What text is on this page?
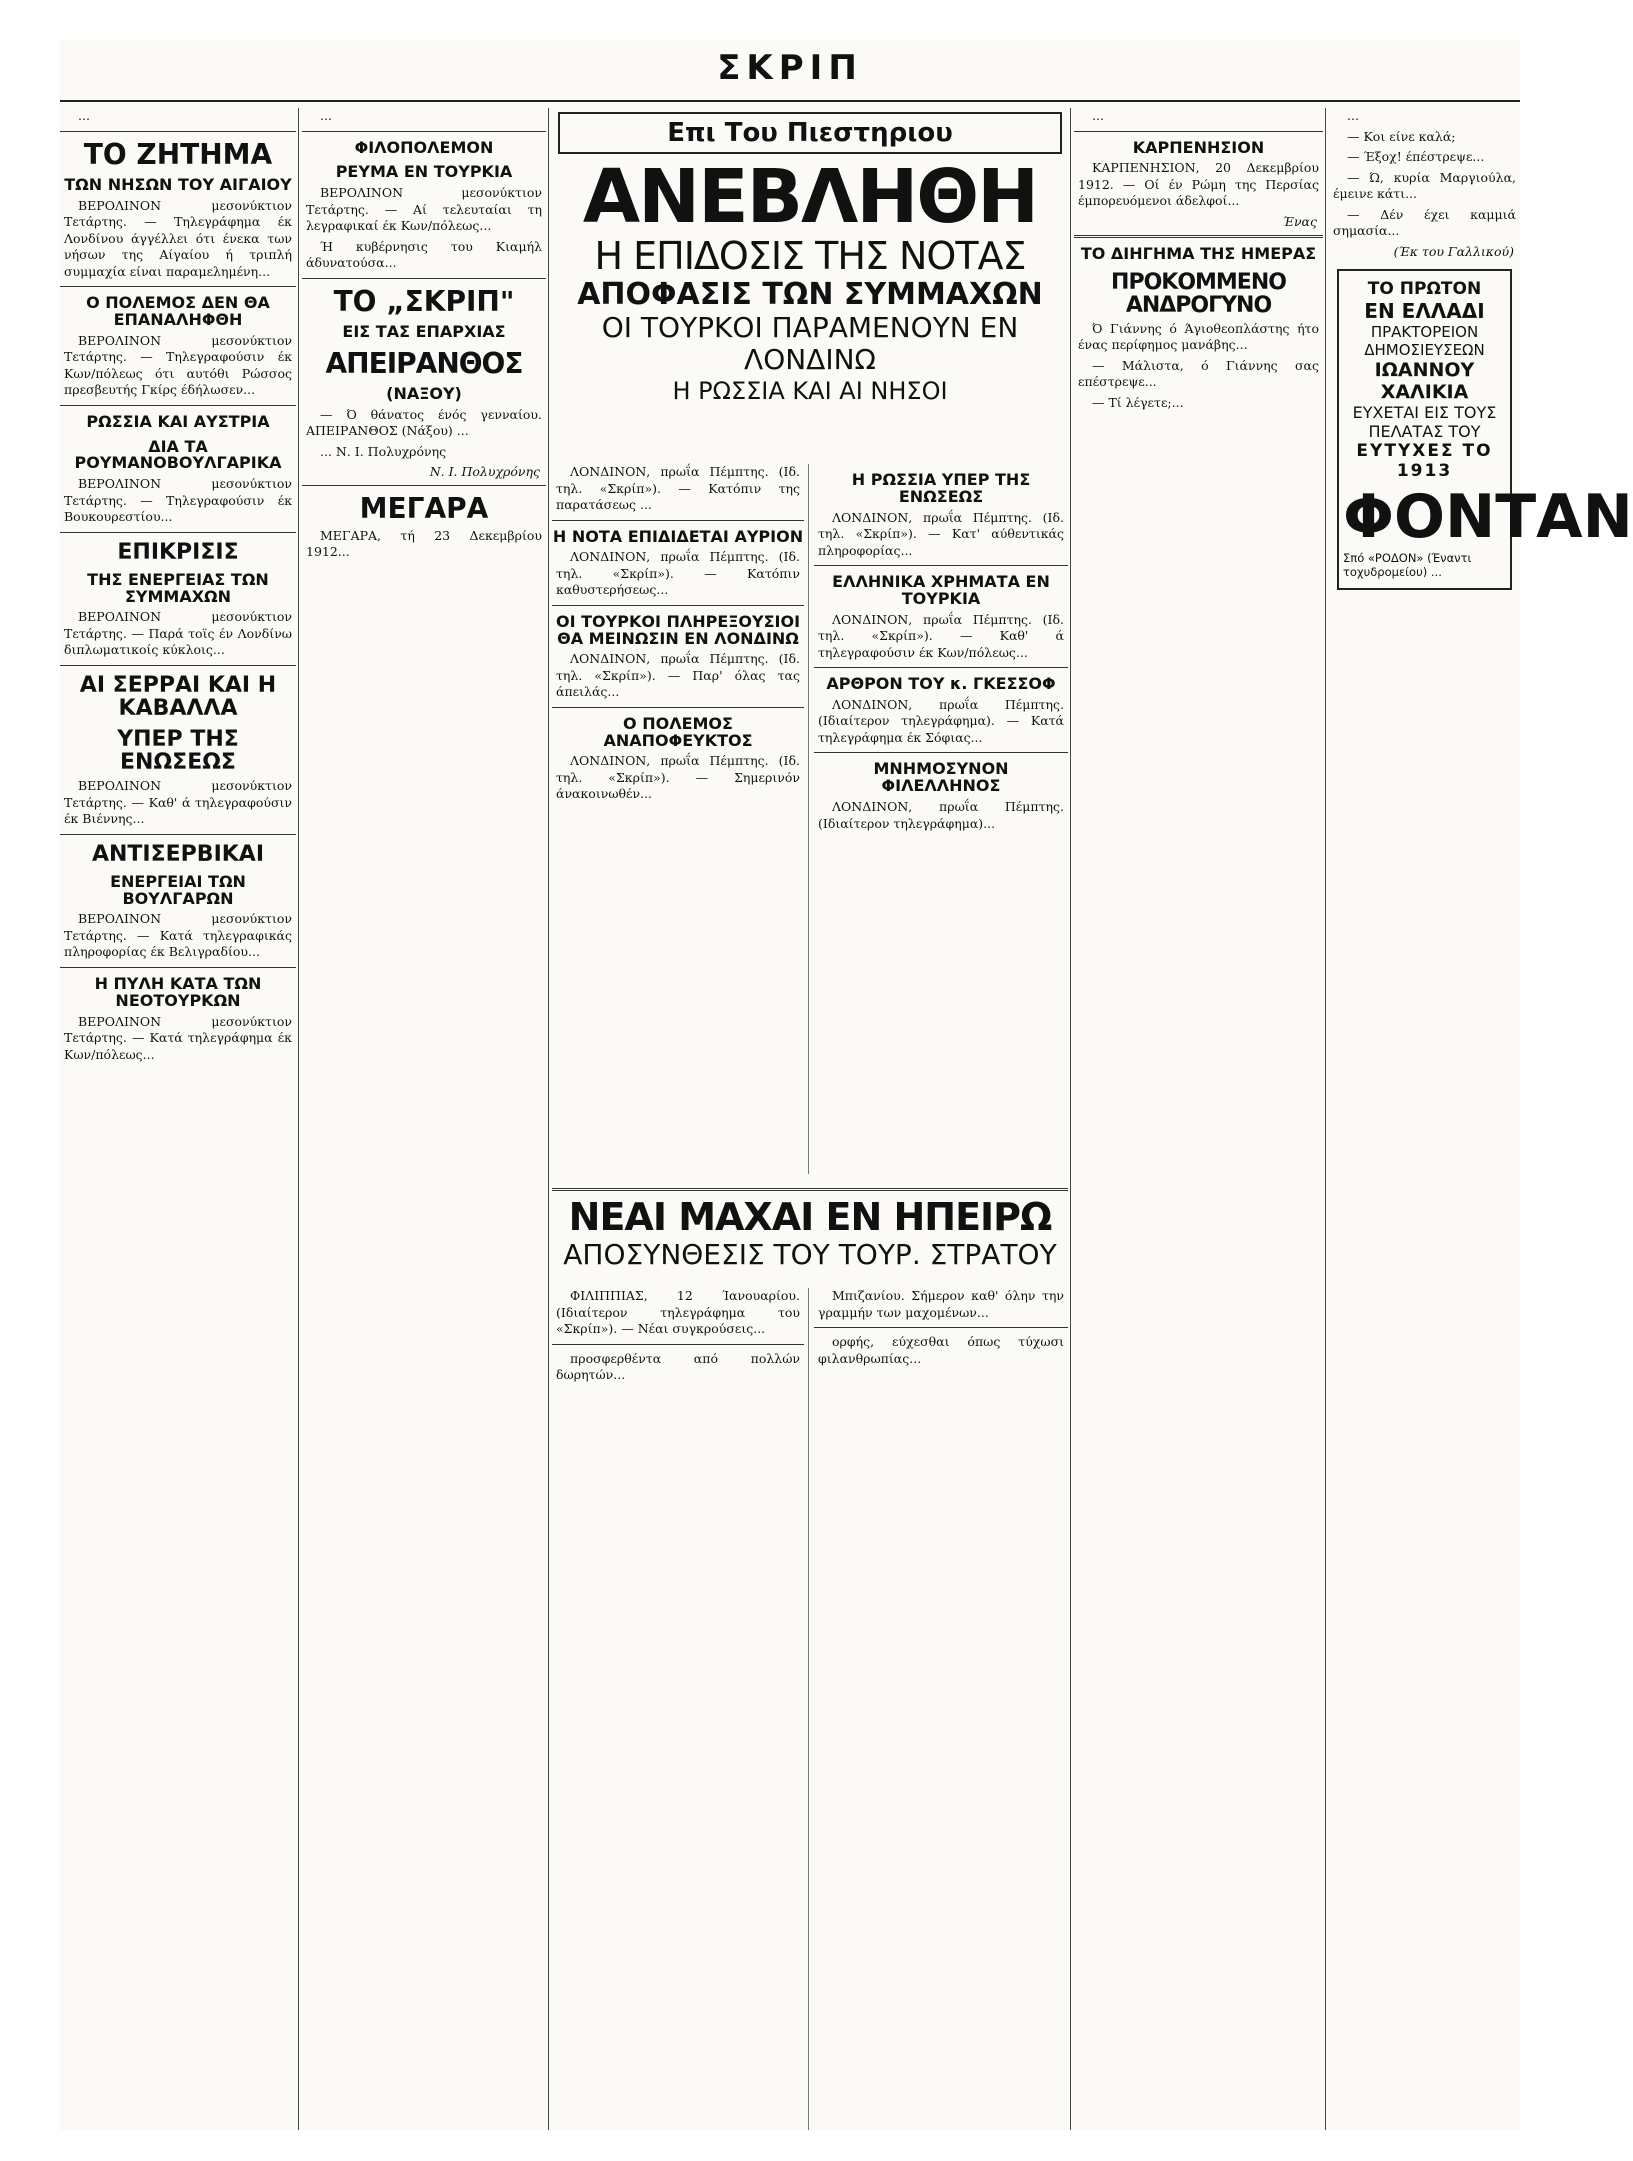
ΣΚΡΙΠ

...

ΤΟ ΖΗΤΗΜΑ
ΤΩΝ ΝΗΣΩΝ ΤΟΥ ΑΙΓΑΙΟΥ

ΒΕΡΟΛΙΝΟΝ μεσονύκτιον Τετάρτης. — Τηλεγράφημα έκ Λονδίνου άγγέλλει ότι ένεκα των νήσων της Αίγαίου ή τριπλή συμμαχία είναι παραμελημένη...

Ο ΠΟΛΕΜΟΣ ΔΕΝ ΘΑ ΕΠΑΝΑΛΗΦΘΗ

ΒΕΡΟΛΙΝΟΝ μεσονύκτιον Τετάρτης. — Τηλεγραφούσιν έκ Κων/πόλεως ότι αυτόθι Ρώσσος πρεσβευτής Γκίρς έδήλωσεν...

ΡΩΣΣΙΑ ΚΑΙ ΑΥΣΤΡΙΑ
ΔΙΑ ΤΑ ΡΟΥΜΑΝΟΒΟΥΛΓΑΡΙΚΑ

ΒΕΡΟΛΙΝΟΝ μεσονύκτιον Τετάρτης. — Τηλεγραφούσιν έκ Βουκουρεστίου...

ΕΠΙΚΡΙΣΙΣ
ΤΗΣ ΕΝΕΡΓΕΙΑΣ ΤΩΝ ΣΥΜΜΑΧΩΝ

ΒΕΡΟΛΙΝΟΝ μεσονύκτιον Τετάρτης. — Παρά τοϊς έν Λονδίνω διπλωματικοίς κύκλοις...

ΑΙ ΣΕΡΡΑΙ ΚΑΙ Η ΚΑΒΑΛΛΑ
ΥΠΕΡ ΤΗΣ ΕΝΩΣΕΩΣ

ΒΕΡΟΛΙΝΟΝ μεσονύκτιον Τετάρτης. — Καθ' ά τηλεγραφούσιν έκ Βιέννης...

ΑΝΤΙΣΕΡΒΙΚΑΙ
ΕΝΕΡΓΕΙΑΙ ΤΩΝ ΒΟΥΛΓΑΡΩΝ

ΒΕΡΟΛΙΝΟΝ μεσονύκτιον Τετάρτης. — Κατά τηλεγραφικάς πληροφορίας έκ Βελιγραδίου...

Η ΠΥΛΗ ΚΑΤΑ ΤΩΝ ΝΕΟΤΟΥΡΚΩΝ

ΒΕΡΟΛΙΝΟΝ μεσονύκτιον Τετάρτης. — Κατά τηλεγράφημα έκ Κων/πόλεως...

...

ΦΙΛΟΠΟΛΕΜΟΝ
ΡΕΥΜΑ ΕΝ ΤΟΥΡΚΙΑ

ΒΕΡΟΛΙΝΟΝ μεσονύκτιον Τετάρτης. — Αί τελευταίαι τη λεγραφικαί έκ Κων/πόλεως...

Ή κυβέρνησις του Κιαμήλ άδυνατούσα...

ΤΟ „ΣΚΡΙΠ"
ΕΙΣ ΤΑΣ ΕΠΑΡΧΙΑΣ
ΑΠΕΙΡΑΝΘΟΣ
(ΝΑΞΟΥ)

— Ό θάνατος ένός γενναίου. ΑΠΕΙΡΑΝΘΟΣ (Νάξου) ...

... Ν. Ι. Πολυχρόνης

Ν. Ι. Πολυχρόνης
ΜΕΓΑΡΑ

ΜΕΓΑΡΑ, τή 23 Δεκεμβρίου 1912...

Επι Του Πιεστηριου
ΑΝΕΒΛΗΘΗ
Η ΕΠΙΔΟΣΙΣ ΤΗΣ ΝΟΤΑΣ
ΑΠΟΦΑΣΙΣ ΤΩΝ ΣΥΜΜΑΧΩΝ
ΟΙ ΤΟΥΡΚΟΙ ΠΑΡΑΜΕΝΟΥΝ ΕΝ ΛΟΝΔΙΝΩ
Η ΡΩΣΣΙΑ ΚΑΙ ΑΙ ΝΗΣΟΙ

ΛΟΝΔΙΝΟΝ, πρωΐα Πέμπτης. (Ιδ. τηλ. «Σκρίπ»). — Κατόπιν της παρατάσεως ...

Η ΝΟΤΑ ΕΠΙΔΙΔΕΤΑΙ ΑΥΡΙΟΝ

ΛΟΝΔΙΝΟΝ, πρωΐα Πέμπτης. (Ιδ. τηλ. «Σκρίπ»). — Κατόπιν καθυστερήσεως...

ΟΙ ΤΟΥΡΚΟΙ ΠΛΗΡΕΞΟΥΣΙΟΙ ΘΑ ΜΕΙΝΩΣΙΝ ΕΝ ΛΟΝΔΙΝΩ

ΛΟΝΔΙΝΟΝ, πρωΐα Πέμπτης. (Ιδ. τηλ. «Σκρίπ»). — Παρ' όλας τας άπειλάς...

Ο ΠΟΛΕΜΟΣ ΑΝΑΠΟΦΕΥΚΤΟΣ

ΛΟΝΔΙΝΟΝ, πρωΐα Πέμπτης. (Ιδ. τηλ. «Σκρίπ»). — Σημερινόν άνακοινωθέν...

Η ΡΩΣΣΙΑ ΥΠΕΡ ΤΗΣ ΕΝΩΣΕΩΣ

ΛΟΝΔΙΝΟΝ, πρωΐα Πέμπτης. (Ιδ. τηλ. «Σκρίπ»). — Κατ' αύθεντικάς πληροφορίας...

ΕΛΛΗΝΙΚΑ ΧΡΗΜΑΤΑ ΕΝ ΤΟΥΡΚΙΑ

ΛΟΝΔΙΝΟΝ, πρωΐα Πέμπτης. (Ιδ. τηλ. «Σκρίπ»). — Καθ' ά τηλεγραφούσιν έκ Κων/πόλεως...

ΑΡΘΡΟΝ ΤΟΥ κ. ΓΚΕΣΣΟΦ

ΛΟΝΔΙΝΟΝ, πρωΐα Πέμπτης. (Ιδιαίτερον τηλεγράφημα). — Κατά τηλεγράφημα έκ Σόφιας...

ΜΝΗΜΟΣΥΝΟΝ ΦΙΛΕΛΛΗΝΟΣ

ΛΟΝΔΙΝΟΝ, πρωΐα Πέμπτης. (Ιδιαίτερον τηλεγράφημα)...

ΝΕΑΙ ΜΑΧΑΙ ΕΝ ΗΠΕΙΡΩ
ΑΠΟΣΥΝΘΕΣΙΣ ΤΟΥ ΤΟΥΡ. ΣΤΡΑΤΟΥ

ΦΙΛΙΠΠΙΑΣ, 12 Ίανουαρίου. (Ιδιαίτερον τηλεγράφημα του «Σκρίπ»). — Νέαι συγκρούσεις...

προσφερθέντα από πολλών δωρητών...

Μπιζανίου. Σήμερον καθ' όλην την γραμμήν των μαχομένων...

ορφής, εύχεσθαι όπως τύχωσι φιλανθρωπίας...

...

ΚΑΡΠΕΝΗΣΙΟΝ

ΚΑΡΠΕΝΗΣΙΟΝ, 20 Δεκεμβρίου 1912. — Οί έν Ρώμη της Περσίας έμπορευόμενοι άδελφοί...

Ένας
ΤΟ ΔΙΗΓΗΜΑ ΤΗΣ ΗΜΕΡΑΣ
ΠΡΟΚΟΜΜΕΝΟ ΑΝΔΡΟΓΥΝΟ

Ό Γιάννης ό Άγιοθεοπλάστης ήτο ένας περίφημος μανάβης...

— Μάλιστα, ό Γιάννης σας επέστρεψε...

— Τί λέγετε;...

...

— Κοι είνε καλά;

— Έξοχ! έπέστρεψε...

— Ώ, κυρία Μαργιούλα, έμεινε κάτι...

— Δέν έχει καμμιά σημασία...

(Έκ του Γαλλικού)
ΤΟ ΠΡΩΤΟΝ
ΕΝ ΕΛΛΑΔΙ
ΠΡΑΚΤΟΡΕΙΟΝ ΔΗΜΟΣΙΕΥΣΕΩΝ
ΙΩΑΝΝΟΥ ΧΑΛΙΚΙΑ
ΕΥΧΕΤΑΙ ΕΙΣ ΤΟΥΣ ΠΕΛΑΤΑΣ ΤΟΥ
ΕΥΤΥΧΕΣ ΤΟ 1913
ΦΟΝΤΑΝ
Σπό «ΡΟΔΟΝ» (Έναντι τοχυδρομείου) ...
